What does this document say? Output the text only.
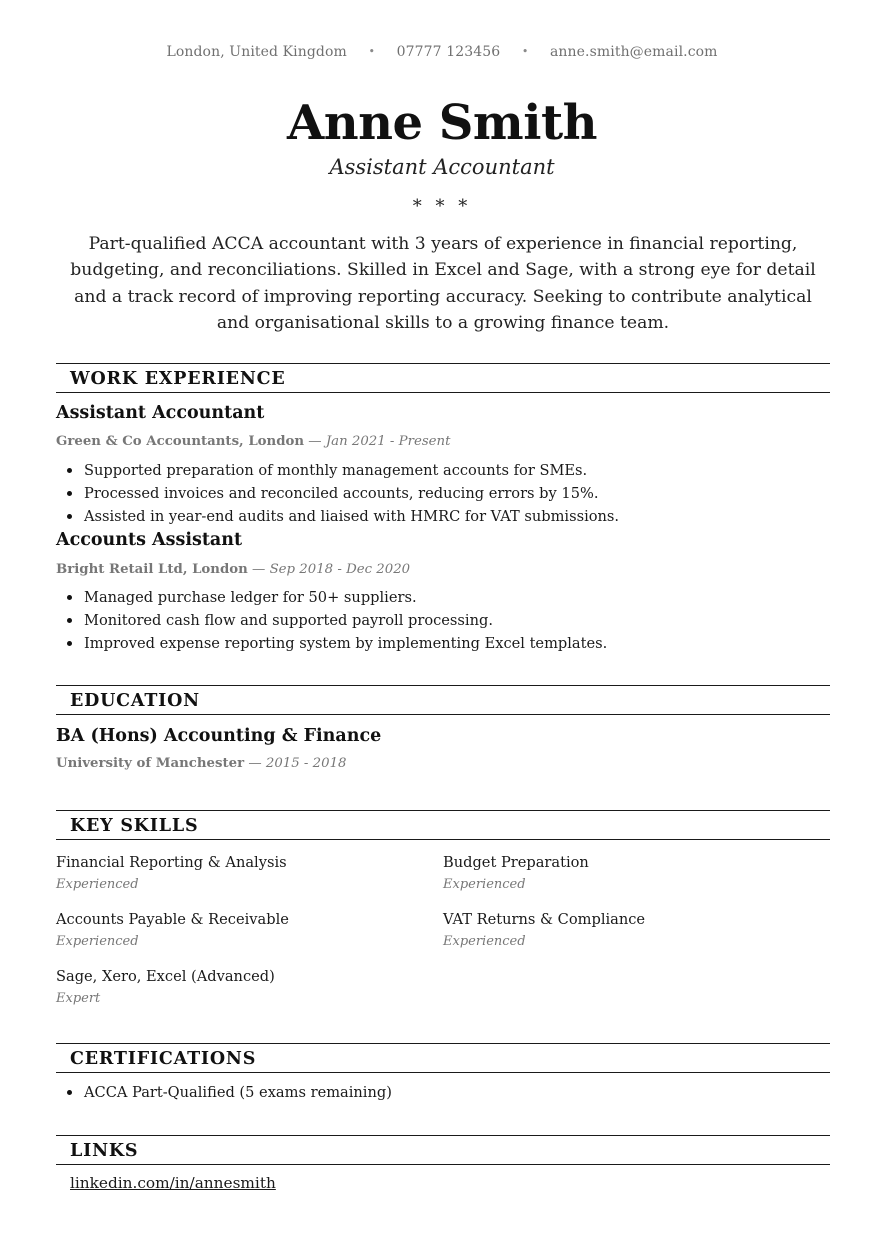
London, United Kingdom • 07777 123456 • anne.smith@email.com
Anne Smith
Assistant Accountant
* * *
Part-qualified ACCA accountant with 3 years of experience in financial reporting, budgeting, and reconciliations. Skilled in Excel and Sage, with a strong eye for detail and a track record of improving reporting accuracy. Seeking to contribute analytical and organisational skills to a growing finance team.
WORK EXPERIENCE
Assistant Accountant
Green & Co Accountants, London — Jan 2021 - Present
Supported preparation of monthly management accounts for SMEs.
Processed invoices and reconciled accounts, reducing errors by 15%.
Assisted in year-end audits and liaised with HMRC for VAT submissions.
Accounts Assistant
Bright Retail Ltd, London — Sep 2018 - Dec 2020
Managed purchase ledger for 50+ suppliers.
Monitored cash flow and supported payroll processing.
Improved expense reporting system by implementing Excel templates.
EDUCATION
BA (Hons) Accounting & Finance
University of Manchester — 2015 - 2018
KEY SKILLS
Financial Reporting & Analysis
Experienced
Budget Preparation
Experienced
Accounts Payable & Receivable
Experienced
VAT Returns & Compliance
Experienced
Sage, Xero, Excel (Advanced)
Expert
CERTIFICATIONS
ACCA Part-Qualified (5 exams remaining)
LINKS
linkedin.com/in/annesmith
